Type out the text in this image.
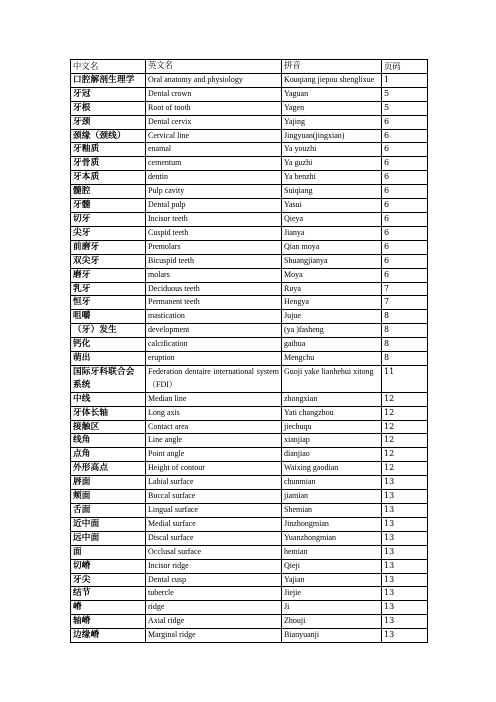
中文名	英文名	拼音	页码
口腔解剖生理学	Oral anatomy and physiology	Kouqiang jiepou shenglixue	1
牙冠	Dental crown	Yaguan	5
牙根	Root of tooth	Yagen	5
牙颈	Dental cervix	Yajing	6
颈缘（颈线）	Cervical line	Jingyuan(jingxian)	6
牙釉质	enamal	Ya youzhi	6
牙骨质	cementum	Ya guzhi	6
牙本质	dentin	Ya benzhi	6
髓腔	Pulp cavity	Suiqiang	6
牙髓	Dental pulp	Yasui	6
切牙	Incisor teeth	Qieya	6
尖牙	Cuspid teeth	Jianya	6
前磨牙	Premolars	Qian moya	6
双尖牙	Bicuspid teeth	Shuangjianya	6
磨牙	molars	Moya	6
乳牙	Deciduous teeth	Ruya	7
恒牙	Permanent teeth	Hengya	7
咀嚼	mastication	Jujue	8
（牙）发生	development	(ya )fasheng	8
钙化	calcification	gaihua	8
萌出	eruption	Mengchu	8
国际牙科联合会系统	Federation dentaire international system（FDI）	Guoji yake lianhehui xitong	11
中线	Median line	zhongxian	12
牙体长轴	Long axis	Yati changzhou	12
接触区	Contact area	jiechuqu	12
线角	Line angle	xianjiap	12
点角	Point angle	dianjiao	12
外形高点	Height of contour	Waixing gaodian	12
唇面	Labial surface	chunmian	13
颊面	Buccal surface	jiamian	13
舌面	Lingual surface	Shemian	13
近中面	Medial surface	Jinzhongmian	13
远中面	Discal surface	Yuanzhongmian	13
面	Occlusal surface	hemian	13
切嵴	Incisor ridge	Qieji	13
牙尖	Dental cusp	Yajian	13
结节	tubercle	Jiejie	13
嵴	ridge	Ji	13
轴嵴	Axial ridge	Zhouji	13
边缘嵴	Marginal ridge	Bianyuanji	13
